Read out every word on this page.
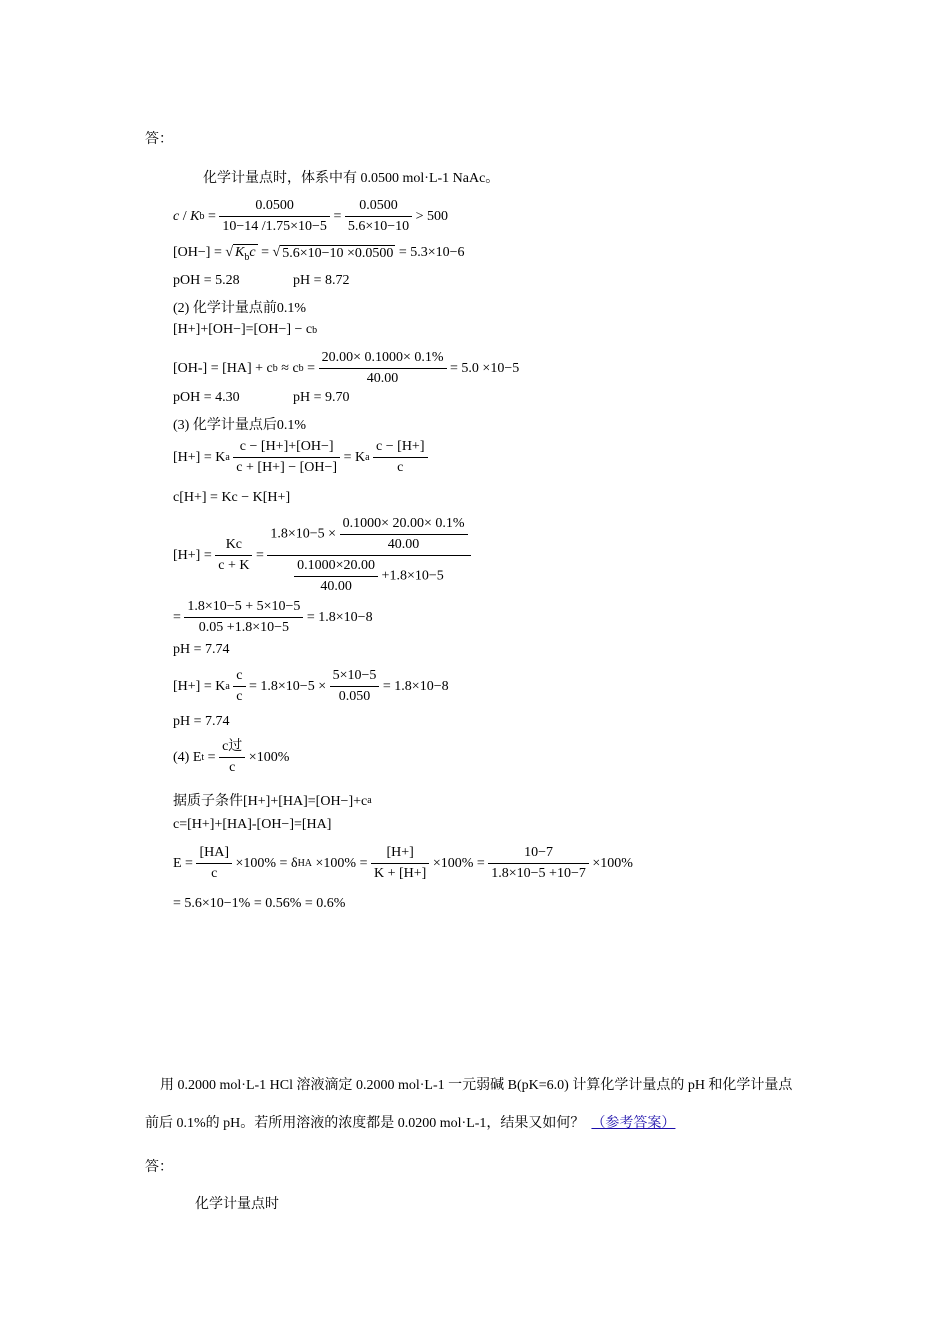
答：
化学计量点时，体系中有 0.0500 mol·L-1 NaAc。
c / K $b = \frac{0.0500}{10-14 /1.75\times 10-5} = \frac{0.0500}{5.6\times 10-10}$
> 500
[OH−] = √ $K_bc$ = √ 5.6×10−10 ×0.0500
= 5.3×10−6
pOH = 5.28	pH = 8.72
(2) 化学计量点前0.1%
[H+]+[OH−]=[OH−] − c b
[OH-] = [HA] + c b
≈ c $b = \frac{20.00\times 0.1000\times 0.1\%}{40.00}$
= 5.0 ×10−5
pOH = 4.30	pH = 9.70
(3) 化学计量点后0.1%
[H+] = K a
$\frac{c - [H+]+[OH-]}{c + [H+] - [OH-]}$
= K a
$\frac{c - [H+]}{c}$
c[H+] = Kc − K[H+]
[H+] =
$\frac{Kc}{c + K} = \frac{1.8\times 10-5 \times \frac{0.1000\times 20.00\times 0.1\%}{40.00}}{\frac{0.1000\times 20.00}{40.00} +1.8\times 10-5}$
= $\frac{1.8\times 10-5 + 5\times 10-5}{0.05 +1.8\times 10-5}$
= 1.8×10−8
pH = 7.74
[H+] = K a
$\frac{c}{c}$
= 1.8×10−5 ×
$\frac{5\times 10-5}{0.050}$
= 1.8×10−8
pH = 7.74
(4) E $t = \frac{\text{c过}}{c}$
×100%
据质子条件[H+]+[HA]=[OH−]+c a
c=[H+]+[HA]-[OH−]=[HA]
E =
$\frac{[HA]}{c}$
×100% = δ HA
×100% =
$\frac{[H+]}{K + [H+]}$
×100% =
$\frac{10-7}{1.8\times 10-5 +10-7}$
×100%
= 5.6×10−1% = 0.56% = 0.6%
用 0.2000 mol·L-1 HCl 溶液滴定 0.2000 mol·L-1 一元弱碱 B(pK=6.0) 计算化学计量点的 pH 和化学计量点
前后 0.1%的 pH。若所用溶液的浓度都是 0.0200 mol·L-1，结果又如何？ （参考答案）
答：
化学计量点时
